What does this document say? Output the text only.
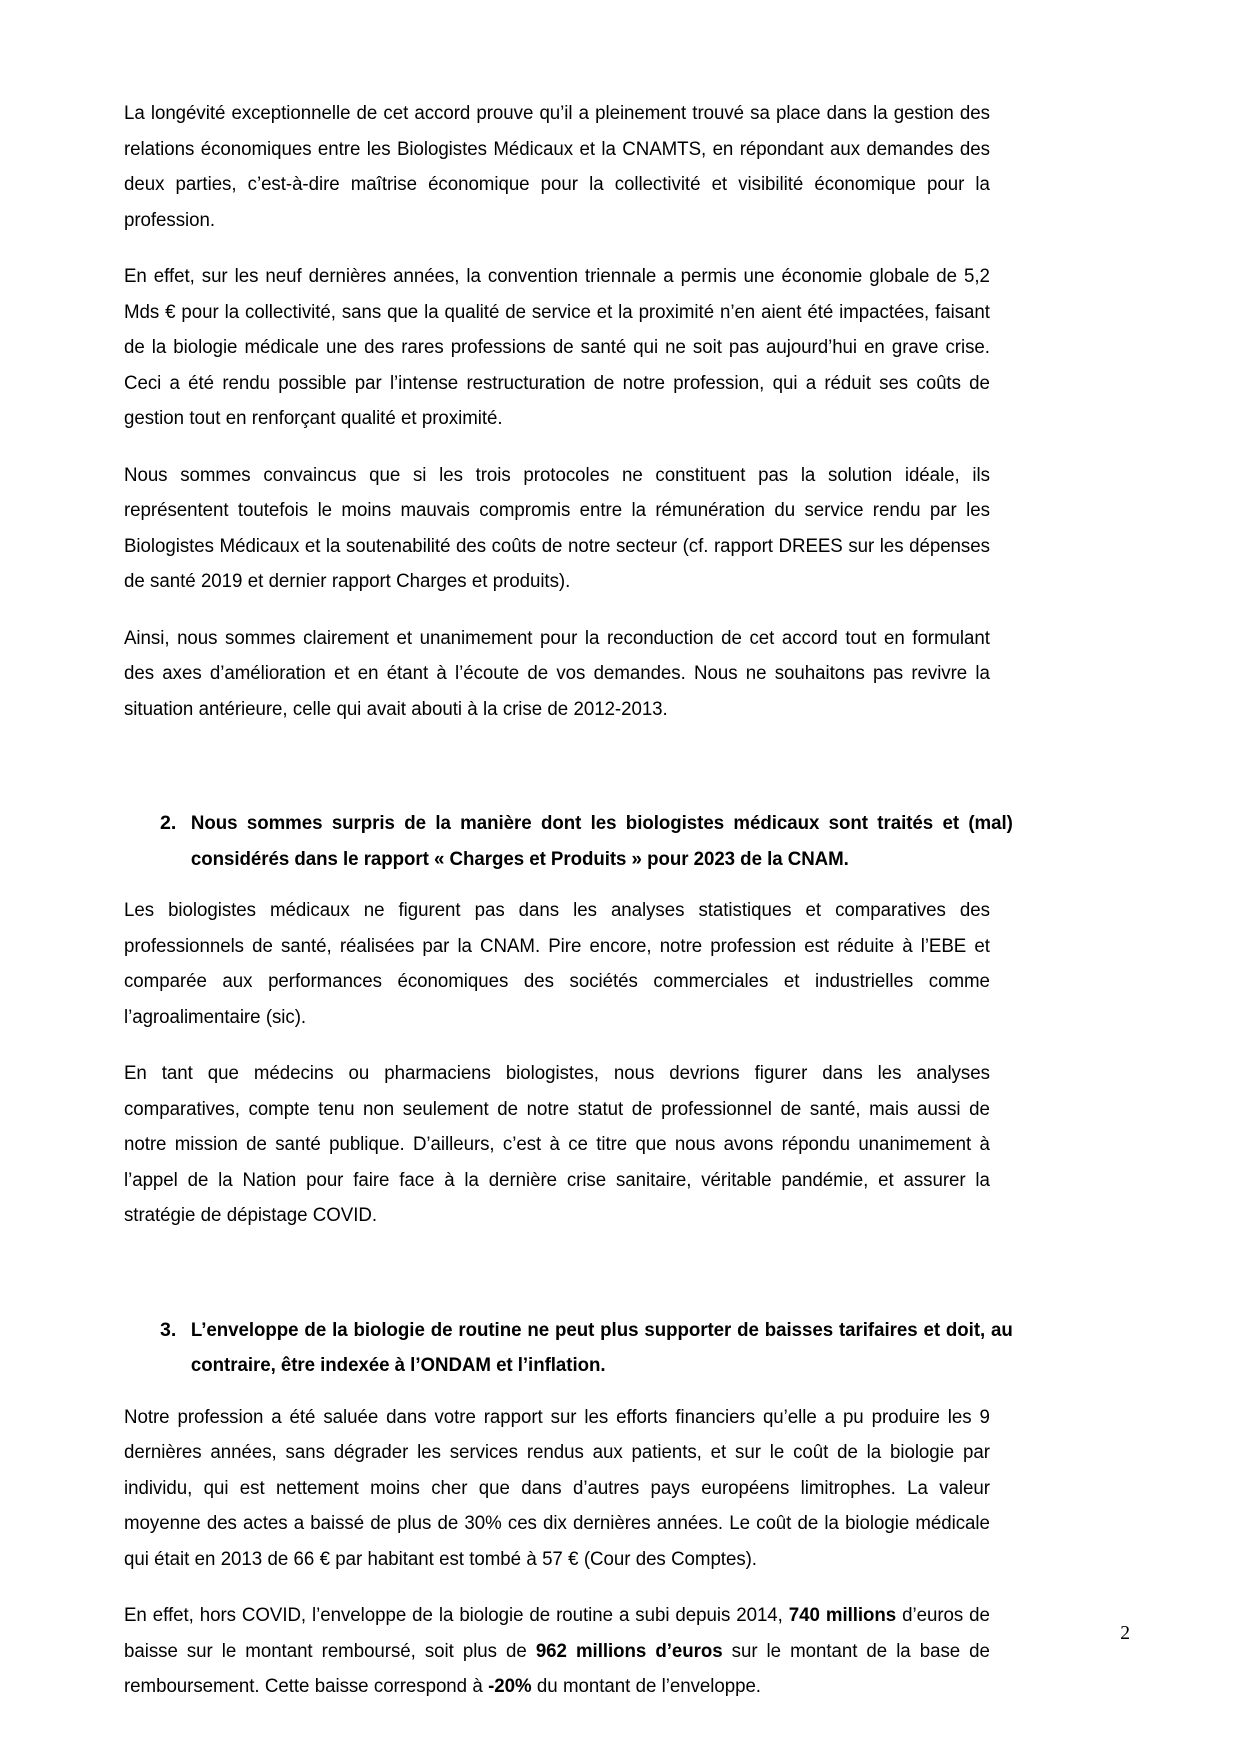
La longévité exceptionnelle de cet accord prouve qu’il a pleinement trouvé sa place dans la gestion des relations économiques entre les Biologistes Médicaux et la CNAMTS, en répondant aux demandes des deux parties, c’est-à-dire maîtrise économique pour la collectivité et visibilité économique pour la profession.

En effet, sur les neuf dernières années, la convention triennale a permis une économie globale de 5,2 Mds € pour la collectivité, sans que la qualité de service et la proximité n’en aient été impactées, faisant de la biologie médicale une des rares professions de santé qui ne soit pas aujourd’hui en grave crise. Ceci a été rendu possible par l’intense restructuration de notre profession, qui a réduit ses coûts de gestion tout en renforçant qualité et proximité.

Nous sommes convaincus que si les trois protocoles ne constituent pas la solution idéale, ils représentent toutefois le moins mauvais compromis entre la rémunération du service rendu par les Biologistes Médicaux et la soutenabilité des coûts de notre secteur (cf. rapport DREES sur les dépenses de santé 2019 et dernier rapport Charges et produits).

Ainsi, nous sommes clairement et unanimement pour la reconduction de cet accord tout en formulant des axes d’amélioration et en étant à l’écoute de vos demandes. Nous ne souhaitons pas revivre la situation antérieure, celle qui avait abouti à la crise de 2012-2013.

2. Nous sommes surpris de la manière dont les biologistes médicaux sont traités et (mal) considérés dans le rapport « Charges et Produits » pour 2023 de la CNAM.

Les biologistes médicaux ne figurent pas dans les analyses statistiques et comparatives des professionnels de santé, réalisées par la CNAM. Pire encore, notre profession est réduite à l’EBE et comparée aux performances économiques des sociétés commerciales et industrielles comme l’agroalimentaire (sic).

En tant que médecins ou pharmaciens biologistes, nous devrions figurer dans les analyses comparatives, compte tenu non seulement de notre statut de professionnel de santé, mais aussi de notre mission de santé publique. D’ailleurs, c’est à ce titre que nous avons répondu unanimement à l’appel de la Nation pour faire face à la dernière crise sanitaire, véritable pandémie, et assurer la stratégie de dépistage COVID.

3. L’enveloppe de la biologie de routine ne peut plus supporter de baisses tarifaires et doit, au contraire, être indexée à l’ONDAM et l’inflation.

Notre profession a été saluée dans votre rapport sur les efforts financiers qu’elle a pu produire les 9 dernières années, sans dégrader les services rendus aux patients, et sur le coût de la biologie par individu, qui est nettement moins cher que dans d’autres pays européens limitrophes. La valeur moyenne des actes a baissé de plus de 30% ces dix dernières années. Le coût de la biologie médicale qui était en 2013 de 66 € par habitant est tombé à 57 € (Cour des Comptes).

En effet, hors COVID, l’enveloppe de la biologie de routine a subi depuis 2014, 740 millions d’euros de baisse sur le montant remboursé, soit plus de 962 millions d’euros sur le montant de la base de remboursement. Cette baisse correspond à -20% du montant de l’enveloppe.

2
